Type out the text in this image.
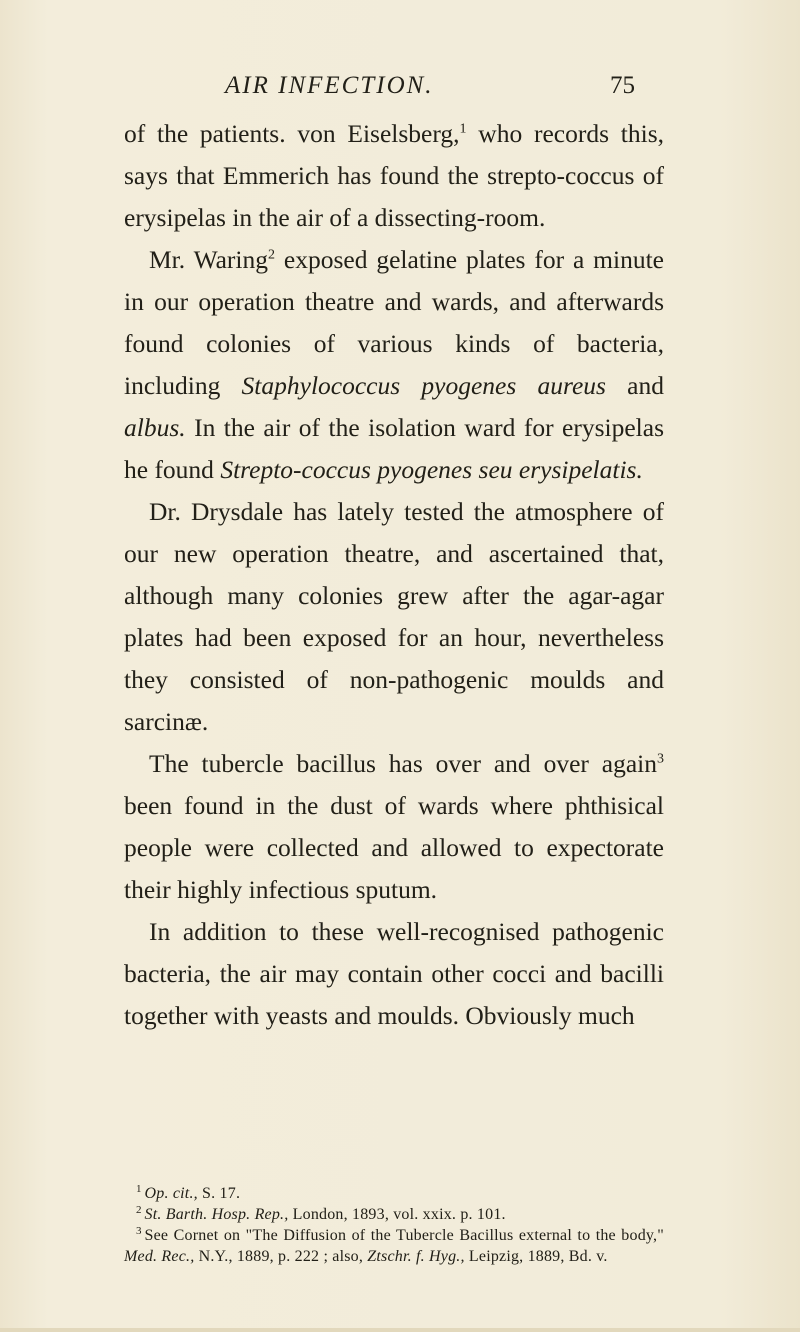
AIR INFECTION.	75

of the patients. von Eiselsberg,$^1$ who records this, says that Emmerich has found the strepto-coccus of erysipelas in the air of a dissecting-room.

Mr. Waring$^2$ exposed gelatine plates for a minute in our operation theatre and wards, and afterwards found colonies of various kinds of bacteria, including Staphylococcus pyogenes aureus and albus. In the air of the isolation ward for erysipelas he found Strepto-coccus pyogenes seu erysipelatis.

Dr. Drysdale has lately tested the atmosphere of our new operation theatre, and ascertained that, although many colonies grew after the agar-agar plates had been exposed for an hour, nevertheless they consisted of non-pathogenic moulds and sarcinæ.

The tubercle bacillus has over and over again$^3$ been found in the dust of wards where phthisical people were collected and allowed to expectorate their highly infectious sputum.

In addition to these well-recognised pathogenic bacteria, the air may contain other cocci and bacilli together with yeasts and moulds. Obviously much

$^1$ Op. cit., S. 17.

$^2$ St. Barth. Hosp. Rep., London, 1893, vol. xxix. p. 101.

$^3$ See Cornet on "The Diffusion of the Tubercle Bacillus external to the body," Med. Rec., N.Y., 1889, p. 222 ; also, Ztschr. f. Hyg., Leipzig, 1889, Bd. v.
